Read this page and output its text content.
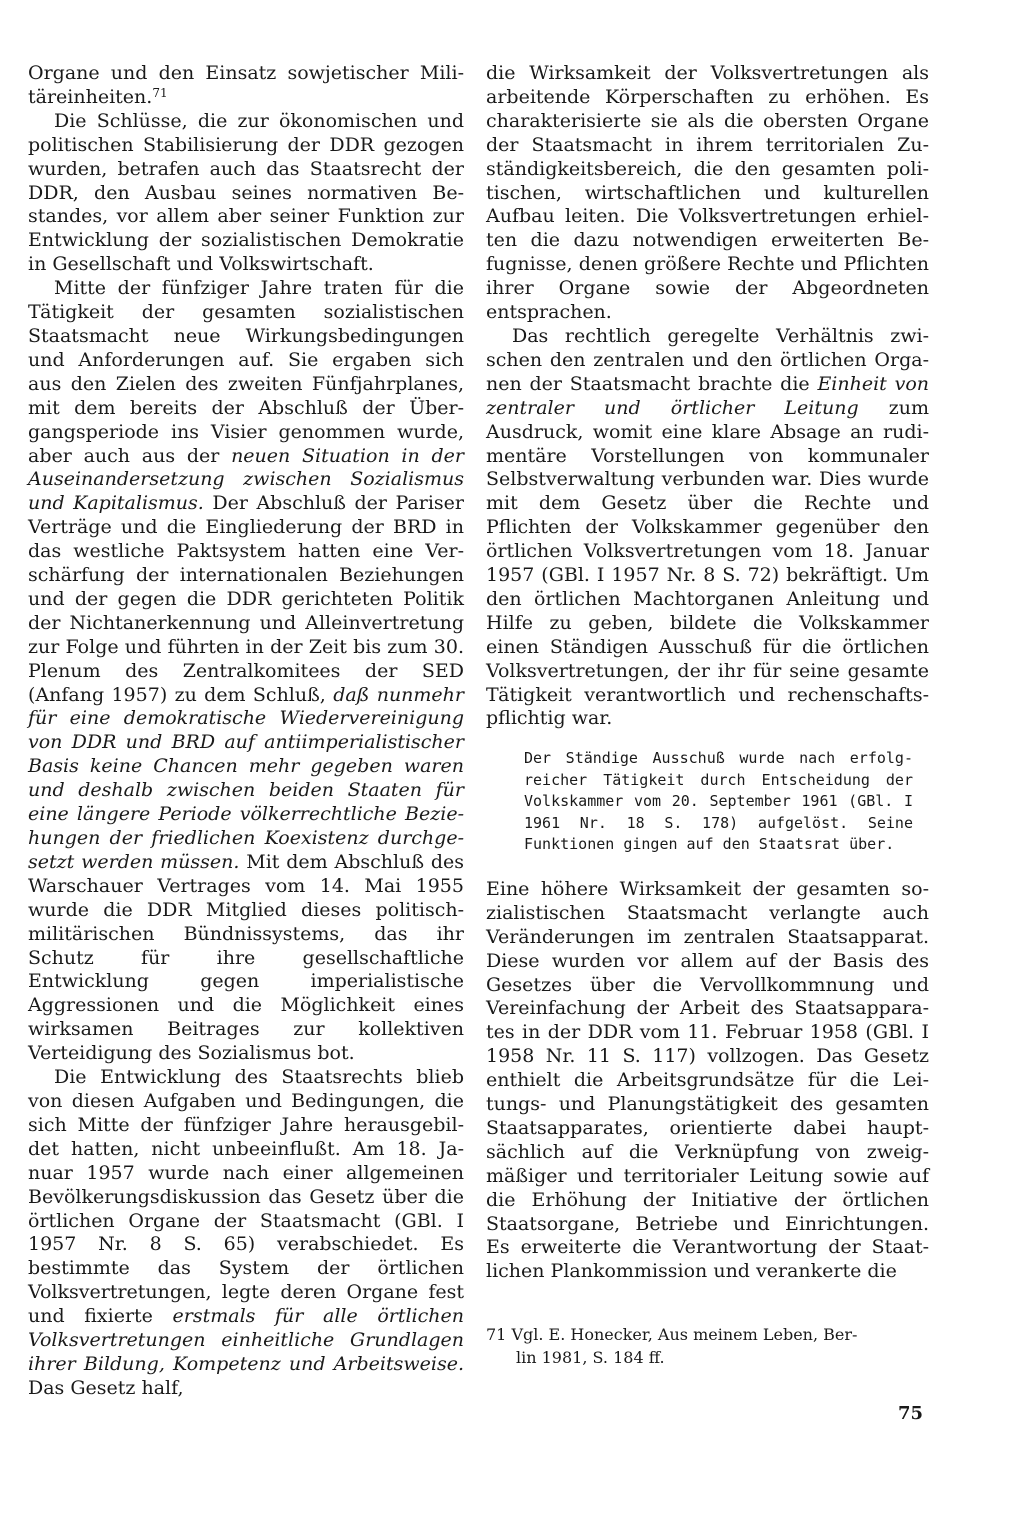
Organe und den Einsatz sowjetischer Militäreinheiten.$^{71}$

Die Schlüsse, die zur ökonomischen und politischen Stabilisierung der DDR gezogen wurden, betrafen auch das Staatsrecht der DDR, den Ausbau seines normativen Bestandes, vor allem aber seiner Funktion zur Entwicklung der sozialistischen Demokratie in Gesellschaft und Volkswirtschaft.

Mitte der fünfziger Jahre traten für die Tätigkeit der gesamten sozialistischen Staatsmacht neue Wirkungsbedingungen und Anforderungen auf. Sie ergaben sich aus den Zielen des zweiten Fünfjahrplanes, mit dem bereits der Abschluß der Übergangsperiode ins Visier genommen wurde, aber auch aus der neuen Situation in der Auseinandersetzung zwischen Sozialismus und Kapitalismus. Der Abschluß der Pariser Verträge und die Eingliederung der BRD in das westliche Paktsystem hatten eine Verschärfung der internationalen Beziehungen und der gegen die DDR gerichteten Politik der Nichtanerkennung und Alleinvertretung zur Folge und führten in der Zeit bis zum 30. Plenum des Zentralkomitees der SED (Anfang 1957) zu dem Schluß, daß nunmehr für eine demokratische Wiedervereinigung von DDR und BRD auf antiimperialistischer Basis keine Chancen mehr gegeben waren und deshalb zwischen beiden Staaten für eine längere Periode völkerrechtliche Beziehungen der friedlichen Koexistenz durchgesetzt werden müssen. Mit dem Abschluß des Warschauer Vertrages vom 14. Mai 1955 wurde die DDR Mitglied dieses politisch-militärischen Bündnissystems, das ihr Schutz für ihre gesellschaftliche Entwicklung gegen imperialistische Aggressionen und die Möglichkeit eines wirksamen Beitrages zur kollektiven Verteidigung des Sozialismus bot.

Die Entwicklung des Staatsrechts blieb von diesen Aufgaben und Bedingungen, die sich Mitte der fünfziger Jahre herausgebildet hatten, nicht unbeeinflußt. Am 18. Januar 1957 wurde nach einer allgemeinen Bevölkerungsdiskussion das Gesetz über die örtlichen Organe der Staatsmacht (GBl. I 1957 Nr. 8 S. 65) verabschiedet. Es bestimmte das System der örtlichen Volksvertretungen, legte deren Organe fest und fixierte erstmals für alle örtlichen Volksvertretungen einheitliche Grundlagen ihrer Bildung, Kompetenz und Arbeitsweise. Das Gesetz half,

die Wirksamkeit der Volksvertretungen als arbeitende Körperschaften zu erhöhen. Es charakterisierte sie als die obersten Organe der Staatsmacht in ihrem territorialen Zuständigkeitsbereich, die den gesamten politischen, wirtschaftlichen und kulturellen Aufbau leiten. Die Volksvertretungen erhielten die dazu notwendigen erweiterten Befugnisse, denen größere Rechte und Pflichten ihrer Organe sowie der Abgeordneten entsprachen.

Das rechtlich geregelte Verhältnis zwischen den zentralen und den örtlichen Organen der Staatsmacht brachte die Einheit von zentraler und örtlicher Leitung zum Ausdruck, womit eine klare Absage an rudimentäre Vorstellungen von kommunaler Selbstverwaltung verbunden war. Dies wurde mit dem Gesetz über die Rechte und Pflichten der Volkskammer gegenüber den örtlichen Volksvertretungen vom 18. Januar 1957 (GBl. I 1957 Nr. 8 S. 72) bekräftigt. Um den örtlichen Machtorganen Anleitung und Hilfe zu geben, bildete die Volkskammer einen Ständigen Ausschuß für die örtlichen Volksvertretungen, der ihr für seine gesamte Tätigkeit verantwortlich und rechenschaftspflichtig war.

Der Ständige Ausschuß wurde nach erfolgreicher Tätigkeit durch Entscheidung der Volkskammer vom 20. September 1961 (GBl. I 1961 Nr. 18 S. 178) aufgelöst. Seine Funktionen gingen auf den Staatsrat über.

Eine höhere Wirksamkeit der gesamten sozialistischen Staatsmacht verlangte auch Veränderungen im zentralen Staatsapparat. Diese wurden vor allem auf der Basis des Gesetzes über die Vervollkommnung und Vereinfachung der Arbeit des Staatsapparates in der DDR vom 11. Februar 1958 (GBl. I 1958 Nr. 11 S. 117) vollzogen. Das Gesetz enthielt die Arbeitsgrundsätze für die Leitungs- und Planungstätigkeit des gesamten Staatsapparates, orientierte dabei hauptsächlich auf die Verknüpfung von zweigmäßiger und territorialer Leitung sowie auf die Erhöhung der Initiative der örtlichen Staatsorgane, Betriebe und Einrichtungen. Es erweiterte die Verantwortung der Staatlichen Plankommission und verankerte die

71 Vgl. E. Honecker, Aus meinem Leben, Ber-
lin 1981, S. 184 ff.
75
